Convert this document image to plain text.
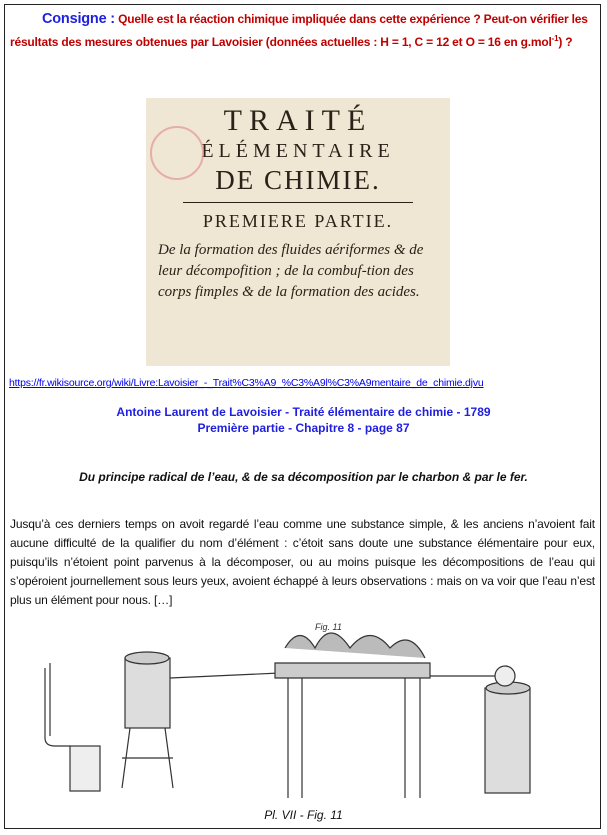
Consigne : Quelle est la réaction chimique impliquée dans cette expérience ? Peut-on vérifier les résultats des mesures obtenues par Lavoisier (données actuelles : H = 1, C = 12 et O = 16 en g.mol$^{-1}$) ?
TRAITÉ
ÉLÉMENTAIRE
DE CHIMIE.
PREMIERE PARTIE.
De la formation des fluides aériformes & de leur décompofition ; de la combuf-tion des corps fimples & de la formation des acides.
https://fr.wikisource.org/wiki/Livre:Lavoisier_-_Trait%C3%A9_%C3%A9l%C3%A9mentaire_de_chimie.djvu
Antoine Laurent de Lavoisier - Traité élémentaire de chimie - 1789
Première partie - Chapitre 8 - page 87
Du principe radical de l’eau, & de sa décomposition par le charbon & par le fer.
Jusqu’à ces derniers temps on avoit regardé l’eau comme une substance simple, & les anciens n’avoient fait aucune difficulté de la qualifier du nom d’élément : c’étoit sans doute une substance élémentaire pour eux, puisqu’ils n’étoient point parvenus à la décomposer, ou au moins puisque les décompositions de l’eau qui s’opéroient journellement sous leurs yeux, avoient échappé à leurs observations : mais on va voir que l’eau n’est plus un élément pour nous. […]
Fig. 11
Pl. VII - Fig. 11
